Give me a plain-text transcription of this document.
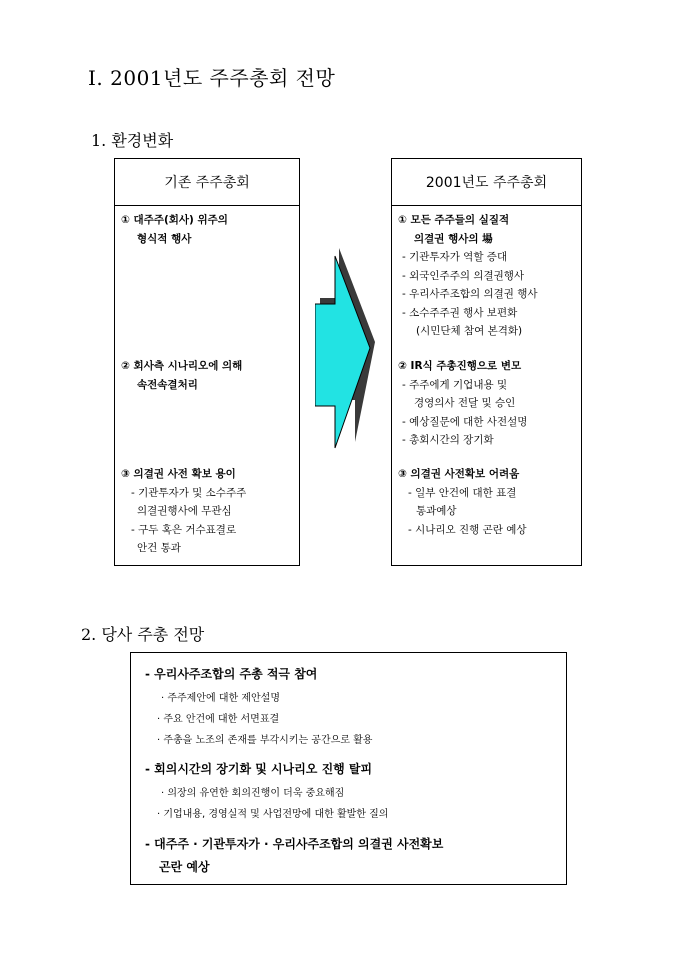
Ⅰ. 2001년도 주주총회 전망
1. 환경변화
기존 주주총회
① 대주주(회사) 위주의
형식적 행사
② 회사측 시나리오에 의해
속전속결처리
③ 의결권 사전 확보 용이
- 기관투자가 및 소수주주
의결권행사에 무관심
- 구두 혹은 거수표결로
안건 통과
2001년도 주주총회
① 모든 주주들의 실질적
의결권 행사의 場
- 기관투자가 역할 증대
- 외국인주주의 의결권행사
- 우리사주조합의 의결권 행사
- 소수주주권 행사 보편화
(시민단체 참여 본격화)
② IR식 주총진행으로 변모
- 주주에게 기업내용 및
경영의사 전달 및 승인
- 예상질문에 대한 사전설명
- 총회시간의 장기화
③ 의결권 사전확보 어려움
- 일부 안건에 대한 표결
통과예상
- 시나리오 진행 곤란 예상
2. 당사 주총 전망
- 우리사주조합의 주총 적극 참여
· 주주제안에 대한 제안설명
· 주요 안건에 대한 서면표결
· 주총을 노조의 존재를 부각시키는 공간으로 활용
- 회의시간의 장기화 및 시나리오 진행 탈피
· 의장의 유연한 회의진행이 더욱 중요해짐
· 기업내용, 경영실적 및 사업전망에 대한 활발한 질의
- 대주주 · 기관투자가 · 우리사주조합의 의결권 사전확보
곤란 예상
